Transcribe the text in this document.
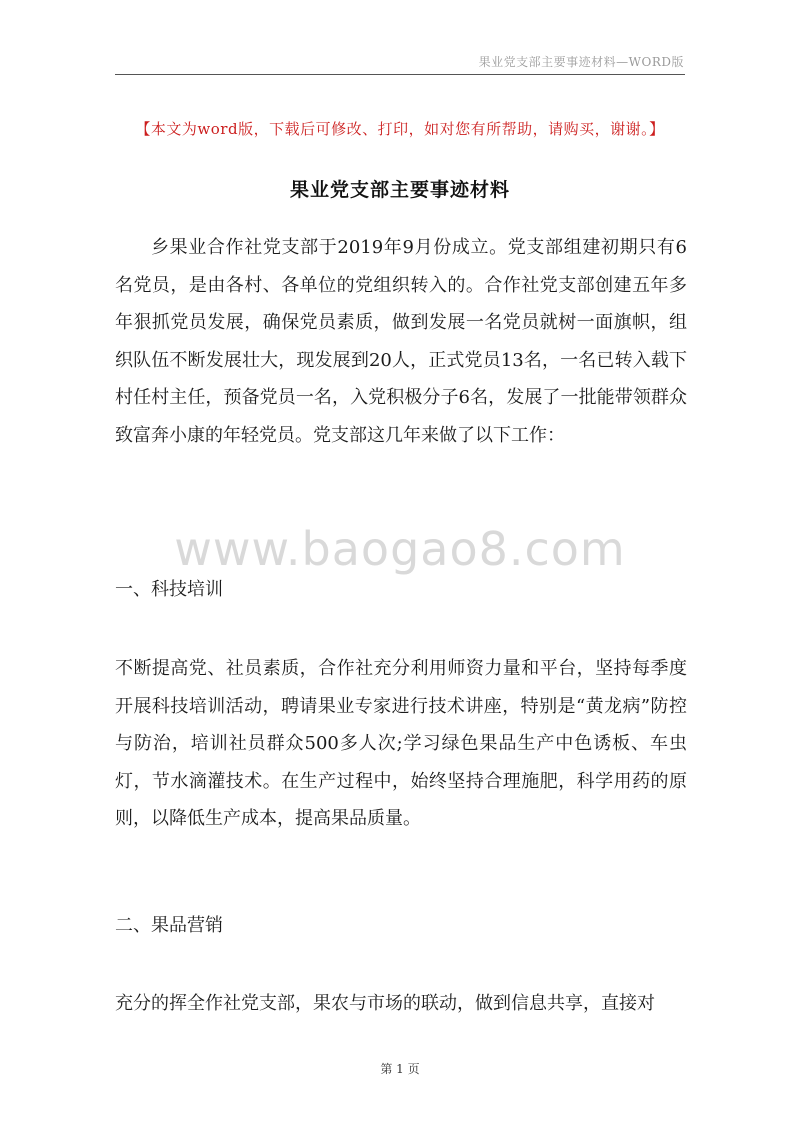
果业党支部主要事迹材料—WORD版
【本文为word版，下载后可修改、打印，如对您有所帮助，请购买，谢谢。】
果业党支部主要事迹材料

乡果业合作社党支部于2019年9月份成立。党支部组建初期只有6名党员，是由各村、各单位的党组织转入的。合作社党支部创建五年多年狠抓党员发展，确保党员素质，做到发展一名党员就树一面旗帜，组织队伍不断发展壮大，现发展到20人，正式党员13名，一名已转入载下村任村主任，预备党员一名，入党积极分子6名，发展了一批能带领群众致富奔小康的年轻党员。党支部这几年来做了以下工作：

www.baogao8.com
一、科技培训

不断提高党、社员素质，合作社充分利用师资力量和平台，坚持每季度开展科技培训活动，聘请果业专家进行技术讲座，特别是“黄龙病”防控与防治，培训社员群众500多人次;学习绿色果品生产中色诱板、车虫灯，节水滴灌技术。在生产过程中，始终坚持合理施肥，科学用药的原则，以降低生产成本，提高果品质量。

二、果品营销

充分的挥全作社党支部，果农与市场的联动，做到信息共享，直接对

第 1 页
